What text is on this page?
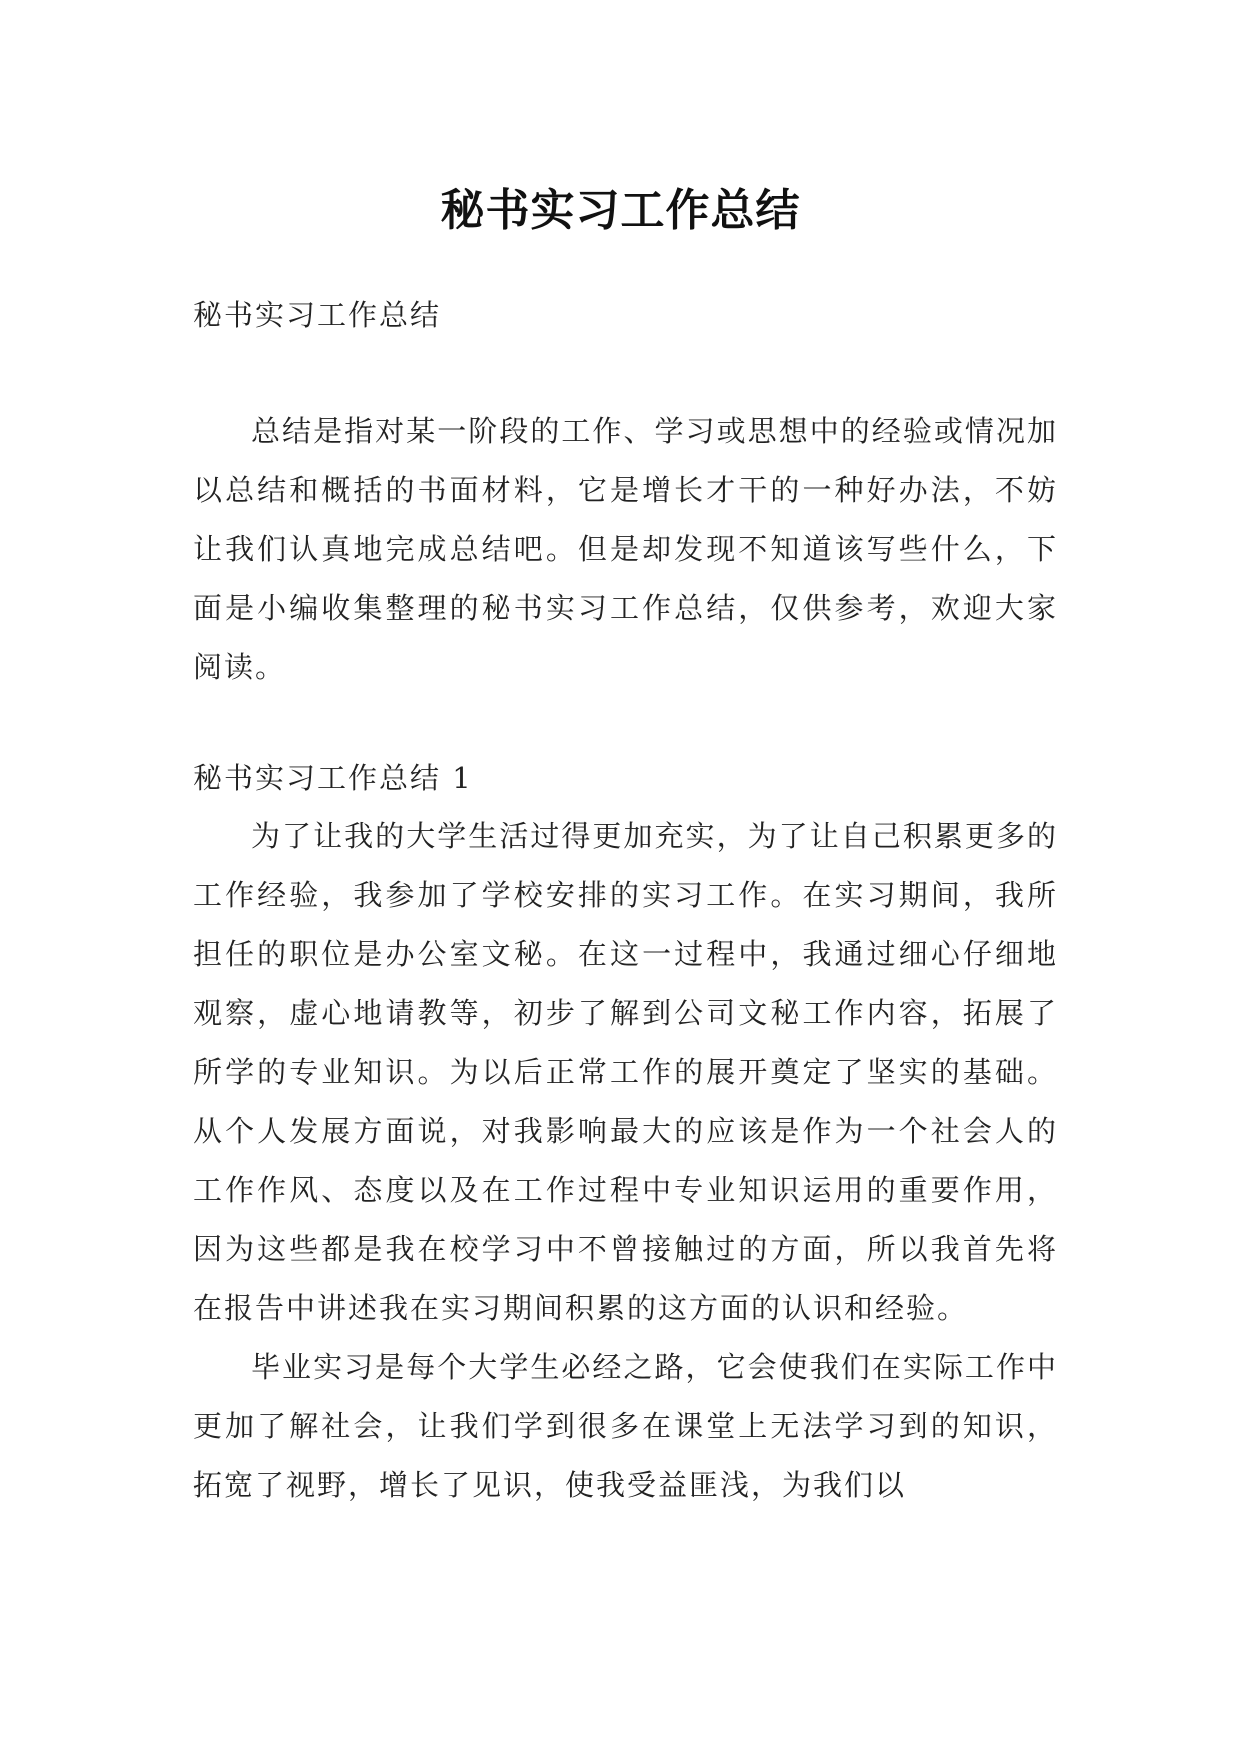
秘书实习工作总结
秘书实习工作总结

总结是指对某一阶段的工作、学习或思想中的经验或情况加以总结和概括的书面材料，它是增长才干的一种好办法，不妨让我们认真地完成总结吧。但是却发现不知道该写些什么，下面是小编收集整理的秘书实习工作总结，仅供参考，欢迎大家阅读。

秘书实习工作总结 1

为了让我的大学生活过得更加充实，为了让自己积累更多的工作经验，我参加了学校安排的实习工作。在实习期间，我所担任的职位是办公室文秘。在这一过程中，我通过细心仔细地观察，虚心地请教等，初步了解到公司文秘工作内容，拓展了所学的专业知识。为以后正常工作的展开奠定了坚实的基础。从个人发展方面说，对我影响最大的应该是作为一个社会人的工作作风、态度以及在工作过程中专业知识运用的重要作用，因为这些都是我在校学习中不曾接触过的方面，所以我首先将在报告中讲述我在实习期间积累的这方面的认识和经验。

毕业实习是每个大学生必经之路，它会使我们在实际工作中更加了解社会，让我们学到很多在课堂上无法学习到的知识，拓宽了视野，增长了见识，使我受益匪浅，为我们以
